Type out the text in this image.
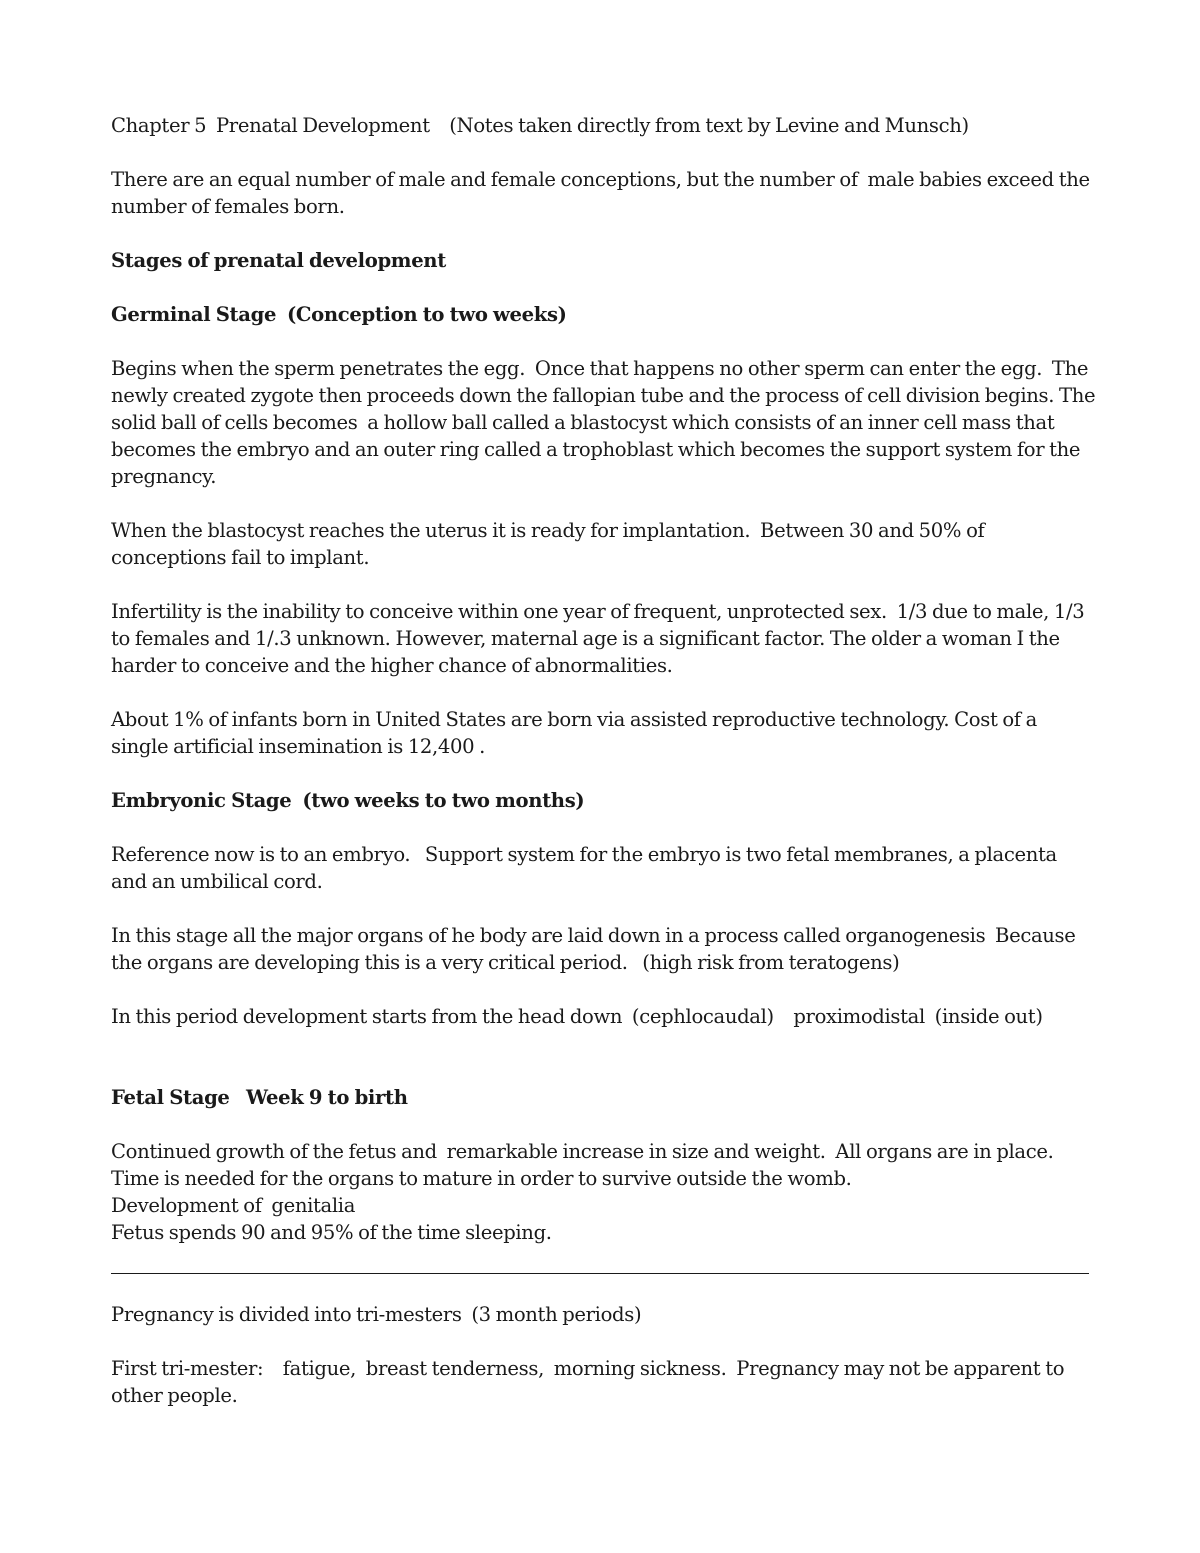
Chapter 5  Prenatal Development    (Notes taken directly from text by Levine and Munsch)

There are an equal number of male and female conceptions, but the number of  male babies exceed the number of females born.

Stages of prenatal development

Germinal Stage  (Conception to two weeks)

Begins when the sperm penetrates the egg.  Once that happens no other sperm can enter the egg.  The newly created zygote then proceeds down the fallopian tube and the process of cell division begins. The solid ball of cells becomes  a hollow ball called a blastocyst which consists of an inner cell mass that becomes the embryo and an outer ring called a trophoblast which becomes the support system for the pregnancy.

When the blastocyst reaches the uterus it is ready for implantation.  Between 30 and 50% of conceptions fail to implant.

Infertility is the inability to conceive within one year of frequent, unprotected sex.  1/3 due to male, 1/3 to females and 1/.3 unknown. However, maternal age is a significant factor. The older a woman I the harder to conceive and the higher chance of abnormalities.

About 1% of infants born in United States are born via assisted reproductive technology. Cost of a single artificial insemination is 12,400 .

Embryonic Stage  (two weeks to two months)

Reference now is to an embryo.   Support system for the embryo is two fetal membranes, a placenta and an umbilical cord.

In this stage all the major organs of he body are laid down in a process called organogenesis  Because the organs are developing this is a very critical period.   (high risk from teratogens)

In this period development starts from the head down  (cephlocaudal)    proximodistal  (inside out)

Fetal Stage   Week 9 to birth

Continued growth of the fetus and  remarkable increase in size and weight.  All organs are in place.

Time is needed for the organs to mature in order to survive outside the womb.

Development of  genitalia

Fetus spends 90 and 95% of the time sleeping.

Pregnancy is divided into tri-mesters  (3 month periods)

First tri-mester:    fatigue,  breast tenderness,  morning sickness.  Pregnancy may not be apparent to other people.
